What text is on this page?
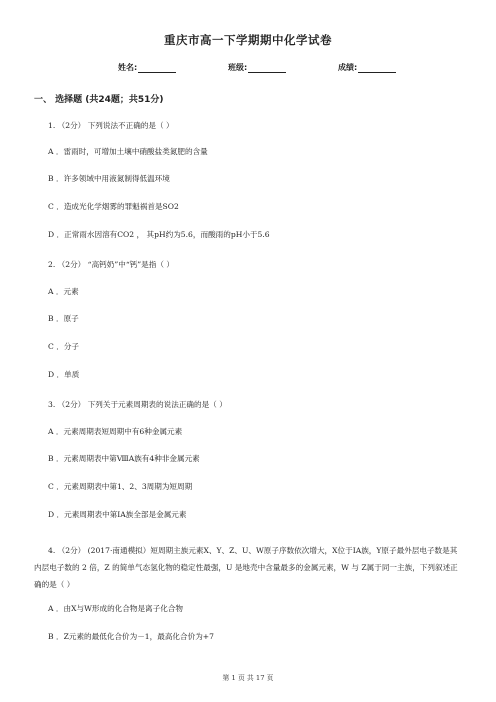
重庆市高一下学期期中化学试卷
姓名:	班级:	成绩:
一、 选择题 (共24题；共51分)
1. （2分） 下列说法不正确的是（ ）
A ．雷雨时，可增加土壤中硝酸盐类氮肥的含量
B ．许多领域中用液氮制得低温环境
C ．造成光化学烟雾的罪魁祸首是SO2
D ．正常雨水因溶有CO2 ， 其pH约为5.6，而酸雨的pH小于5.6
2. （2分） “高钙奶”中“钙”是指（ ）
A ．元素
B ．原子
C ．分子
D ．单质
3. （2分） 下列关于元素周期表的说法正确的是（ ）
A ．元素周期表短周期中有6种金属元素
B ．元素周期表中第ⅧA族有4种非金属元素
C ．元素周期表中第1、2、3周期为短周期
D ．元素周期表中第ⅠA族全部是金属元素
4. （2分） (2017·南通模拟）短周期主族元素X、Y、Z、U、W原子序数依次增大，X位于ⅠA族，Y原子最外层电子数是其内层电子数的 2 倍，Z 的简单气态氢化物的稳定性最强，U 是地壳中含量最多的金属元素，W 与 Z属于同一主族，下列叙述正确的是（ ）
A ．由X与W形成的化合物是离子化合物
B ．Z元素的最低化合价为－1，最高化合价为+7
第 1 页 共 17 页
